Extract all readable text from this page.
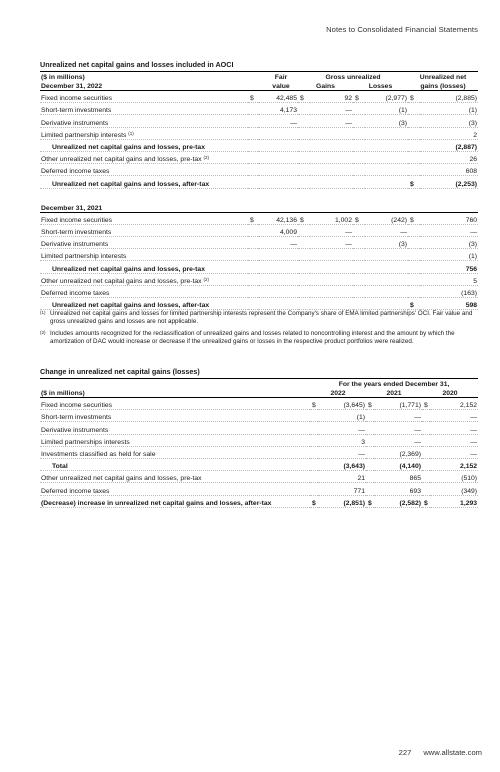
Notes to Consolidated Financial Statements
Unrealized net capital gains and losses included in AOCI
($ in millions)		Fair	Gross unrealized				Unrealized net	
December 31, 2022		value	Gains		Losses		gains (losses)	
Fixed income securities	$	42,485	$	92	$	(2,977)	$	(2,885)
Short-term investments		4,173		—		(1)		(1)
Derivative instruments		—		—		(3)		(3)
Limited partnership interests $^{(1)}$								2
Unrealized net capital gains and losses, pre-tax								(2,887)
Other unrealized net capital gains and losses, pre-tax $^{(2)}$								26
Deferred income taxes								608
Unrealized net capital gains and losses, after-tax							$	(2,253)

December 31, 2021								
Fixed income securities	$	42,136	$	1,002	$	(242)	$	760
Short-term investments		4,009		—		—		—
Derivative instruments		—		—		(3)		(3)
Limited partnership interests								(1)
Unrealized net capital gains and losses, pre-tax								756
Other unrealized net capital gains and losses, pre-tax $^{(2)}$								5
Deferred income taxes								(163)
Unrealized net capital gains and losses, after-tax							$	598
(1) Unrealized net capital gains and losses for limited partnership interests represent the Company's share of EMA limited partnerships' OCI. Fair value and gross unrealized gains and losses are not applicable.
(2) Includes amounts recognized for the reclassification of unrealized gains and losses related to noncontrolling interest and the amount by which the amortization of DAC would increase or decrease if the unrealized gains or losses in the respective product portfolios were realized.
Change in unrealized net capital gains (losses)
	For the years ended December 31,					
($ in millions)	2022		2021		2020	
Fixed income securities	$	(3,645)	$	(1,771)	$	2,152
Short-term investments		(1)		—		—
Derivative instruments		—		—		—
Limited partnerships interests		3		—		—
Investments classified as held for sale		—		(2,369)		—
Total		(3,643)		(4,140)		2,152
Other unrealized net capital gains and losses, pre-tax		21		865		(510)
Deferred income taxes		771		693		(349)
(Decrease) increase in unrealized net capital gains and losses, after-tax	$	(2,851)	$	(2,582)	$	1,293
227 www.allstate.com
